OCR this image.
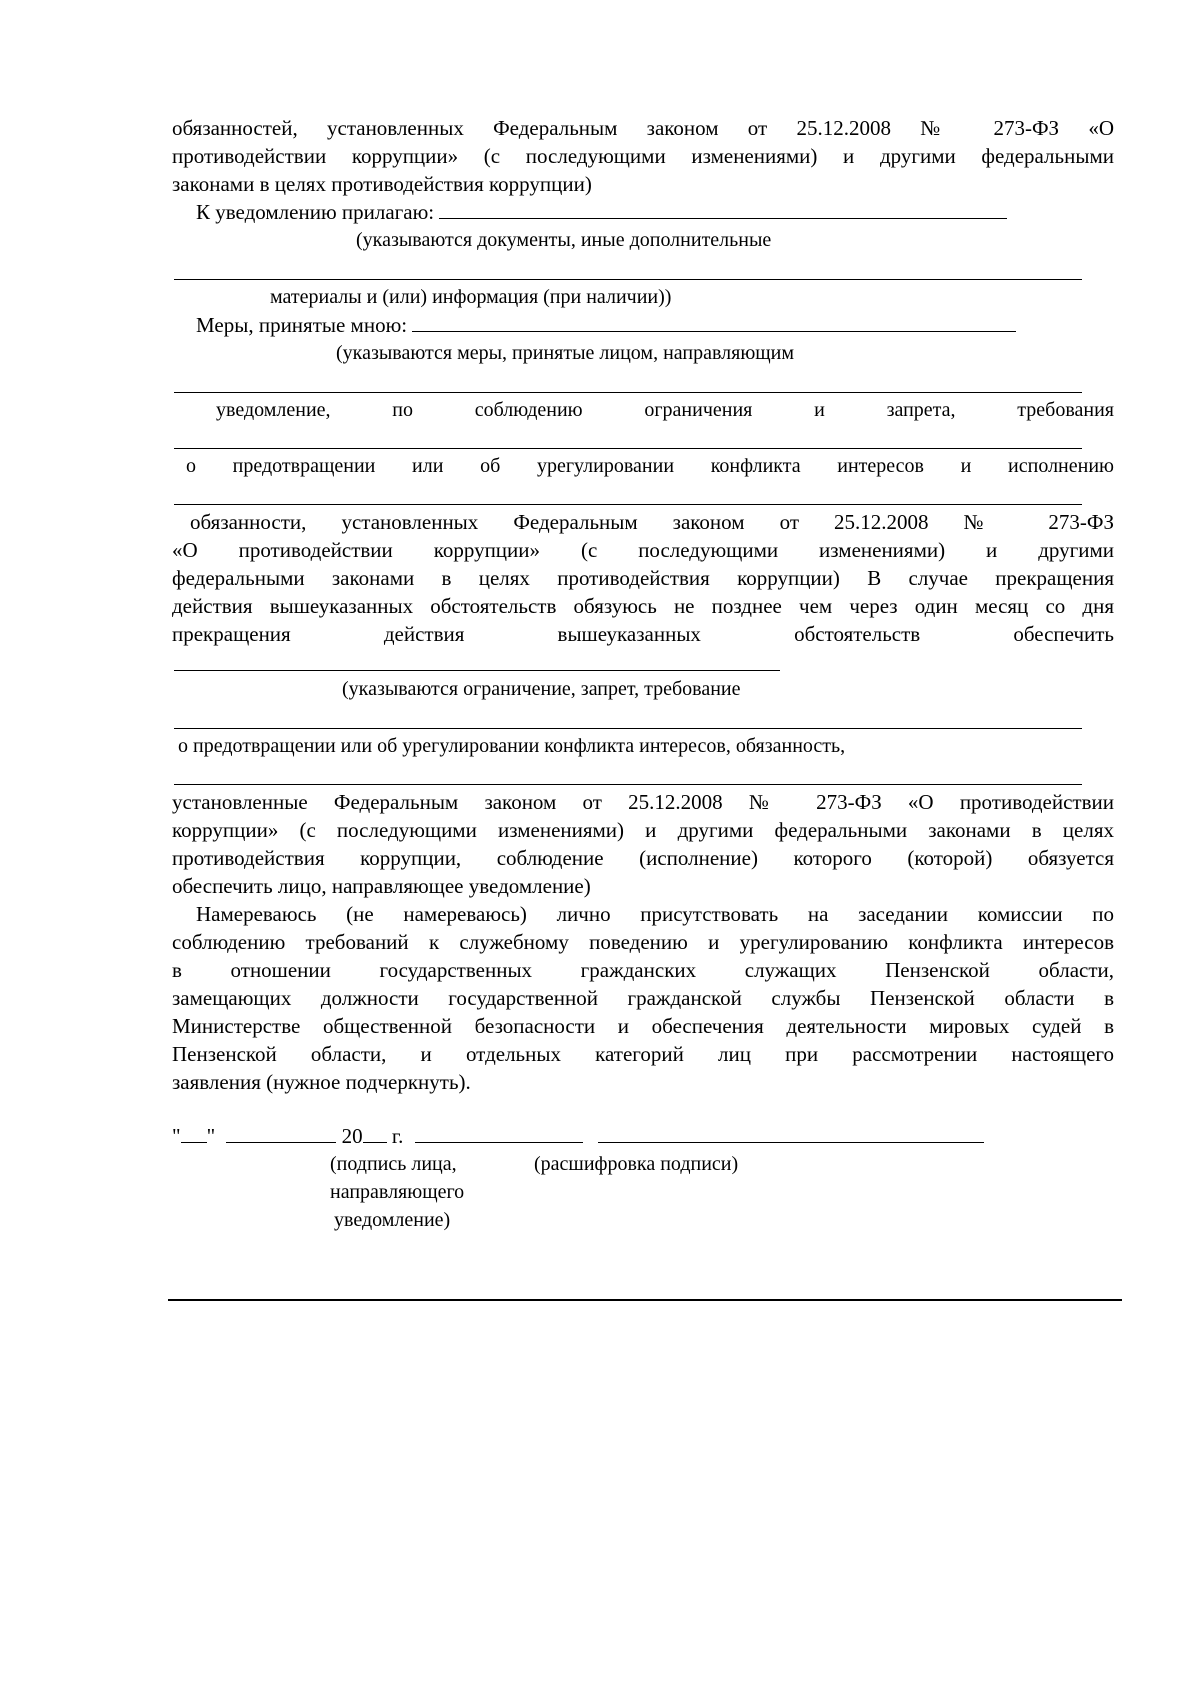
обязанностей, установленных Федеральным законом от 25.12.2008 № 273-ФЗ «О
противодействии коррупции» (с последующими изменениями) и другими федеральными
законами в целях противодействия коррупции)
К уведомлению прилагаю:
(указываются документы, иные дополнительные
материалы и (или) информация (при наличии))
Меры, принятые мною:
(указываются меры, принятые лицом, направляющим
уведомление, по соблюдению ограничения и запрета, требования
о предотвращении или об урегулировании конфликта интересов и исполнению
обязанности, установленных Федеральным законом от 25.12.2008 № 273-ФЗ
«О противодействии коррупции» (с последующими изменениями) и другими
федеральными законами в целях противодействия коррупции) В случае прекращения
действия вышеуказанных обстоятельств обязуюсь не позднее чем через один месяц со дня
прекращения действия вышеуказанных обстоятельств обеспечить
(указываются ограничение, запрет, требование
о предотвращении или об урегулировании конфликта интересов, обязанность,
установленные Федеральным законом от 25.12.2008 № 273-ФЗ «О противодействии
коррупции» (с последующими изменениями) и другими федеральными законами в целях
противодействия коррупции, соблюдение (исполнение) которого (которой) обязуется
обеспечить лицо, направляющее уведомление)
Намереваюсь (не намереваюсь) лично присутствовать на заседании комиссии по
соблюдению требований к служебному поведению и урегулированию конфликта интересов
в отношении государственных гражданских служащих Пензенской области,
замещающих должности государственной гражданской службы Пензенской области в
Министерстве общественной безопасности и обеспечения деятельности мировых судей в
Пензенской области, и отдельных категорий лиц при рассмотрении настоящего
заявления (нужное подчеркнуть).
" "	20 г.
(подпись лица,
направляющего
уведомление)
(расшифровка подписи)
